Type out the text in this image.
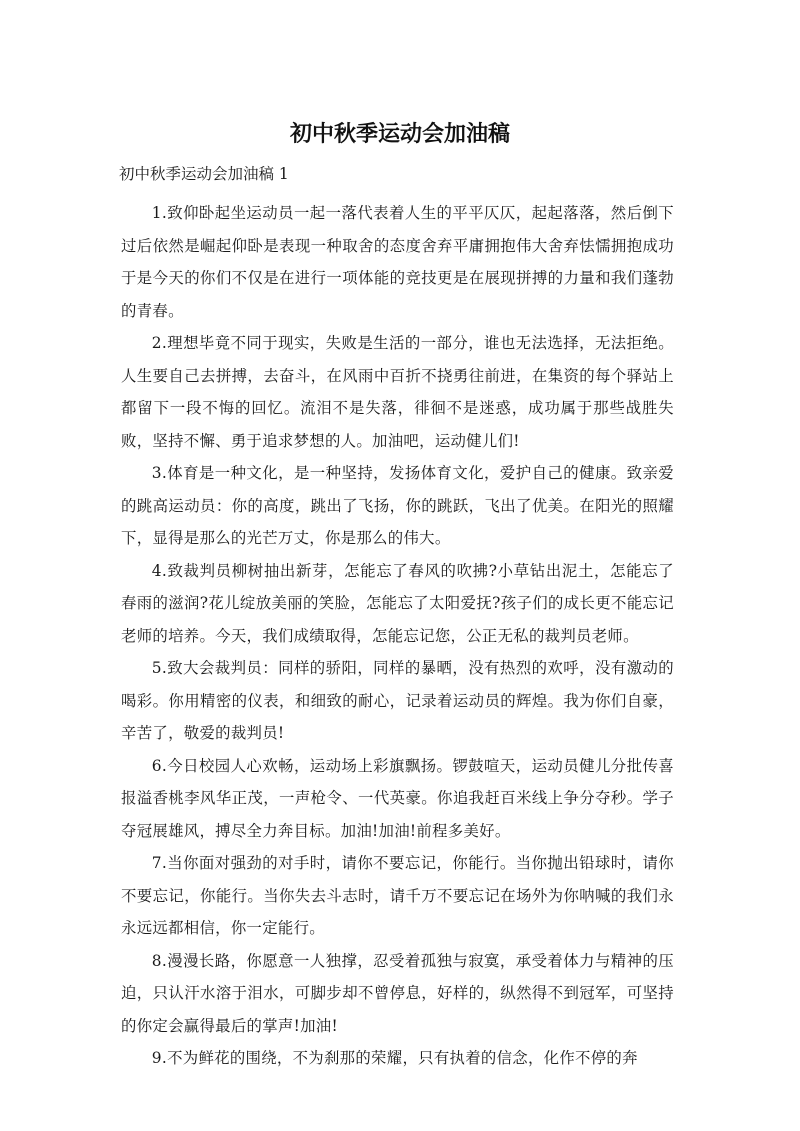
初中秋季运动会加油稿
初中秋季运动会加油稿 1

1.致仰卧起坐运动员一起一落代表着人生的平平仄仄，起起落落，然后倒下过后依然是崛起仰卧是表现一种取舍的态度舍弃平庸拥抱伟大舍弃怯懦拥抱成功于是今天的你们不仅是在进行一项体能的竞技更是在展现拼搏的力量和我们蓬勃的青春。

2.理想毕竟不同于现实，失败是生活的一部分，谁也无法选择，无法拒绝。人生要自己去拼搏，去奋斗，在风雨中百折不挠勇往前进，在集资的每个驿站上都留下一段不悔的回忆。流泪不是失落，徘徊不是迷惑，成功属于那些战胜失败，坚持不懈、勇于追求梦想的人。加油吧，运动健儿们!

3.体育是一种文化，是一种坚持，发扬体育文化，爱护自己的健康。致亲爱的跳高运动员：你的高度，跳出了飞扬，你的跳跃，飞出了优美。在阳光的照耀下，显得是那么的光芒万丈，你是那么的伟大。

4.致裁判员柳树抽出新芽，怎能忘了春风的吹拂?小草钻出泥土，怎能忘了春雨的滋润?花儿绽放美丽的笑脸，怎能忘了太阳爱抚?孩子们的成长更不能忘记老师的培养。今天，我们成绩取得，怎能忘记您，公正无私的裁判员老师。

5.致大会裁判员：同样的骄阳，同样的暴晒，没有热烈的欢呼，没有激动的喝彩。你用精密的仪表，和细致的耐心，记录着运动员的辉煌。我为你们自豪，辛苦了，敬爱的裁判员!

6.今日校园人心欢畅，运动场上彩旗飘扬。锣鼓喧天，运动员健儿分批传喜报溢香桃李风华正茂，一声枪令、一代英豪。你追我赶百米线上争分夺秒。学子夺冠展雄风，搏尽全力奔目标。加油!加油!前程多美好。

7.当你面对强劲的对手时，请你不要忘记，你能行。当你抛出铅球时，请你不要忘记，你能行。当你失去斗志时，请千万不要忘记在场外为你呐喊的我们永永远远都相信，你一定能行。

8.漫漫长路，你愿意一人独撑，忍受着孤独与寂寞，承受着体力与精神的压迫，只认汗水溶于泪水，可脚步却不曾停息，好样的，纵然得不到冠军，可坚持的你定会赢得最后的掌声!加油!

9.不为鲜花的围绕，不为刹那的荣耀，只有执着的信念，化作不停的奔
